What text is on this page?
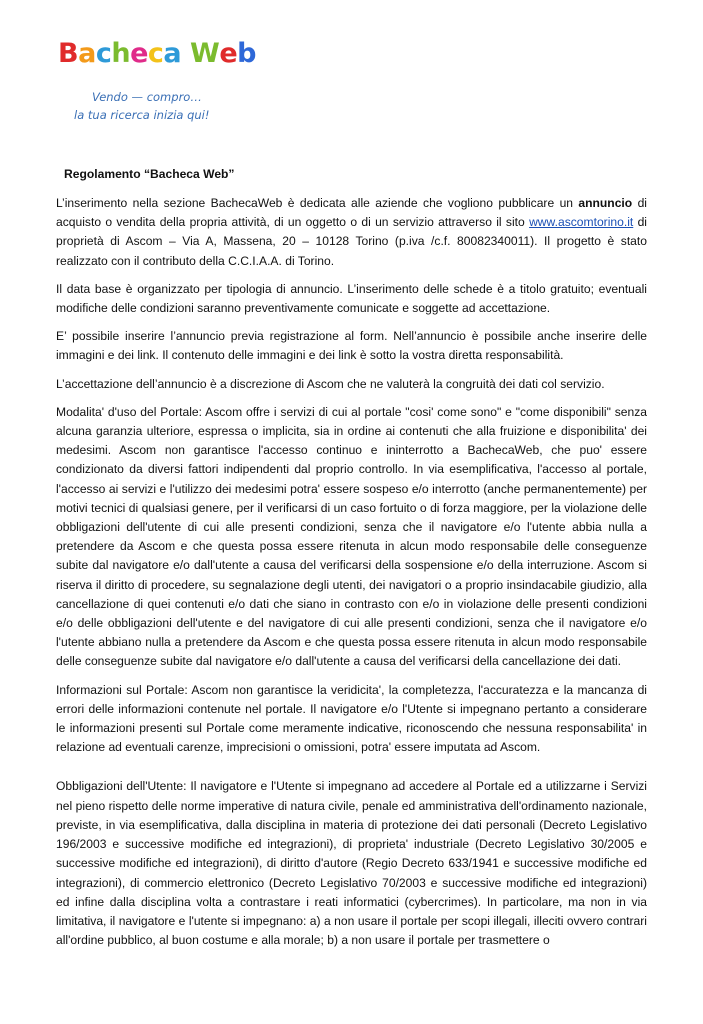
Bacheca Web
Vendo — compro…
la tua ricerca inizia qui!
Regolamento “Bacheca Web”

L’inserimento nella sezione BachecaWeb è dedicata alle aziende che vogliono pubblicare un annuncio di acquisto o vendita della propria attività, di un oggetto o di un servizio attraverso il sito www.ascomtorino.it di proprietà di Ascom – Via A, Massena, 20 – 10128 Torino (p.iva /c.f. 80082340011). Il progetto è stato realizzato con il contributo della C.C.I.A.A. di Torino.

Il data base è organizzato per tipologia di annuncio. L’inserimento delle schede è a titolo gratuito; eventuali modifiche delle condizioni saranno preventivamente comunicate e soggette ad accettazione.

E’ possibile inserire l’annuncio previa registrazione al form. Nell’annuncio è possibile anche inserire delle immagini e dei link. Il contenuto delle immagini e dei link è sotto la vostra diretta responsabilità.

L’accettazione dell’annuncio è a discrezione di Ascom che ne valuterà la congruità dei dati col servizio.

Modalita' d'uso del Portale: Ascom offre i servizi di cui al portale "cosi' come sono" e "come disponibili" senza alcuna garanzia ulteriore, espressa o implicita, sia in ordine ai contenuti che alla fruizione e disponibilita' dei medesimi. Ascom non garantisce l'accesso continuo e ininterrotto a BachecaWeb, che puo' essere condizionato da diversi fattori indipendenti dal proprio controllo. In via esemplificativa, l'accesso al portale, l'accesso ai servizi e l'utilizzo dei medesimi potra' essere sospeso e/o interrotto (anche permanentemente) per motivi tecnici di qualsiasi genere, per il verificarsi di un caso fortuito o di forza maggiore, per la violazione delle obbligazioni dell'utente di cui alle presenti condizioni, senza che il navigatore e/o l'utente abbia nulla a pretendere da Ascom e che questa possa essere ritenuta in alcun modo responsabile delle conseguenze subite dal navigatore e/o dall'utente a causa del verificarsi della sospensione e/o della interruzione. Ascom si riserva il diritto di procedere, su segnalazione degli utenti, dei navigatori o a proprio insindacabile giudizio, alla cancellazione di quei contenuti e/o dati che siano in contrasto con e/o in violazione delle presenti condizioni e/o delle obbligazioni dell'utente e del navigatore di cui alle presenti condizioni, senza che il navigatore e/o l'utente abbiano nulla a pretendere da Ascom e che questa possa essere ritenuta in alcun modo responsabile delle conseguenze subite dal navigatore e/o dall'utente a causa del verificarsi della cancellazione dei dati.

Informazioni sul Portale: Ascom non garantisce la veridicita', la completezza, l'accuratezza e la mancanza di errori delle informazioni contenute nel portale. Il navigatore e/o l'Utente si impegnano pertanto a considerare le informazioni presenti sul Portale come meramente indicative, riconoscendo che nessuna responsabilita' in relazione ad eventuali carenze, imprecisioni o omissioni, potra' essere imputata ad Ascom.

Obbligazioni dell'Utente: Il navigatore e l'Utente si impegnano ad accedere al Portale ed a utilizzarne i Servizi nel pieno rispetto delle norme imperative di natura civile, penale ed amministrativa dell'ordinamento nazionale, previste, in via esemplificativa, dalla disciplina in materia di protezione dei dati personali (Decreto Legislativo 196/2003 e successive modifiche ed integrazioni), di proprieta' industriale (Decreto Legislativo 30/2005 e successive modifiche ed integrazioni), di diritto d'autore (Regio Decreto 633/1941 e successive modifiche ed integrazioni), di commercio elettronico (Decreto Legislativo 70/2003 e successive modifiche ed integrazioni) ed infine dalla disciplina volta a contrastare i reati informatici (cybercrimes). In particolare, ma non in via limitativa, il navigatore e l'utente si impegnano: a) a non usare il portale per scopi illegali, illeciti ovvero contrari all'ordine pubblico, al buon costume e alla morale; b) a non usare il portale per trasmettere o
